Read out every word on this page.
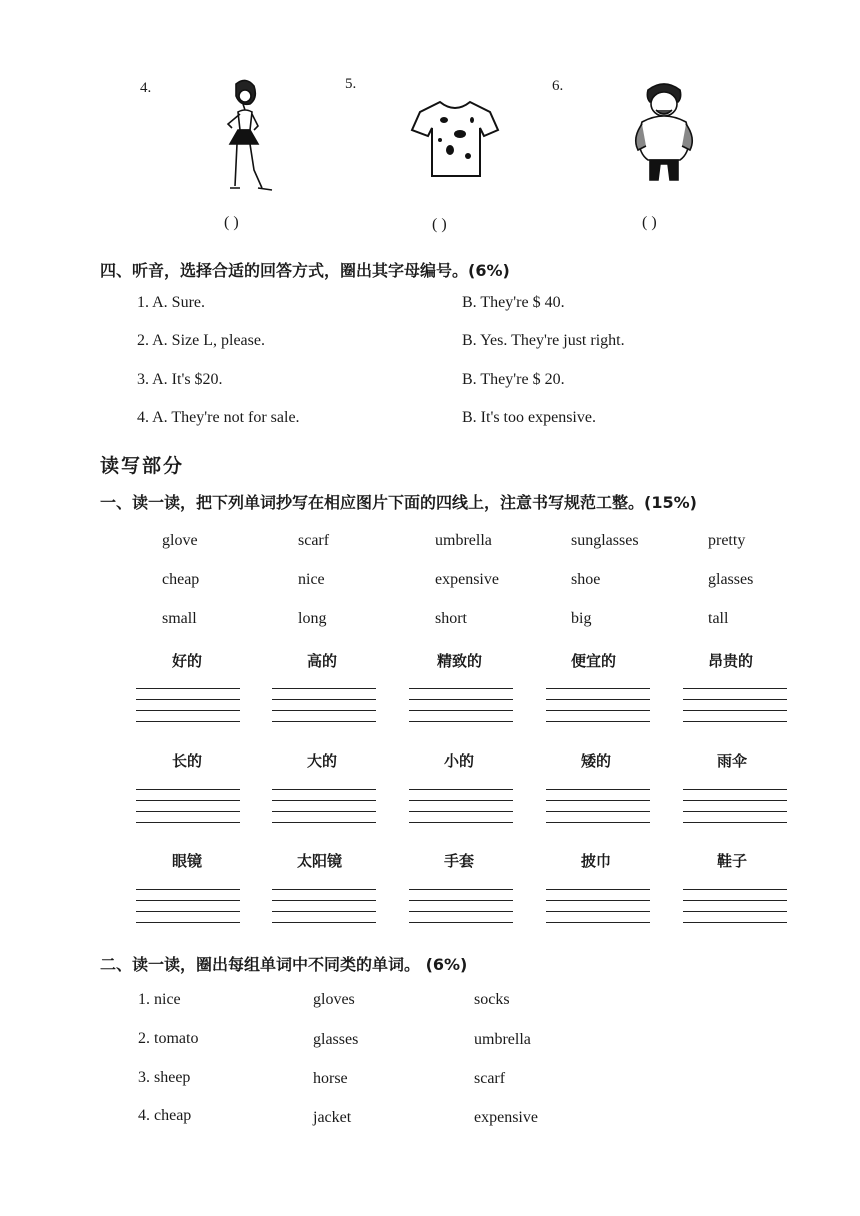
4.	5.	6.
( )	( )	( )
四、听音，选择合适的回答方式，圈出其字母编号。(6%)
1. A. Sure.	B. They're $ 40.
2. A. Size L, please.	B. Yes. They're just right.
3. A. It's $20.	B. They're $ 20.
4. A. They're not for sale.	B. It's too expensive.
读写部分
一、读一读，把下列单词抄写在相应图片下面的四线上，注意书写规范工整。(15%)
glove	scarf	umbrella	sunglasses	pretty
cheap	nice	expensive	shoe	glasses
small	long	short	big	tall
好的	高的	精致的	便宜的	昂贵的
长的	大的	小的	矮的	雨伞
眼镜	太阳镜	手套	披巾	鞋子
二、读一读，圈出每组单词中不同类的单词。 (6%)
1. nice	gloves	socks
2. tomato	glasses	umbrella
3. sheep	horse	scarf
4. cheap	jacket	expensive
